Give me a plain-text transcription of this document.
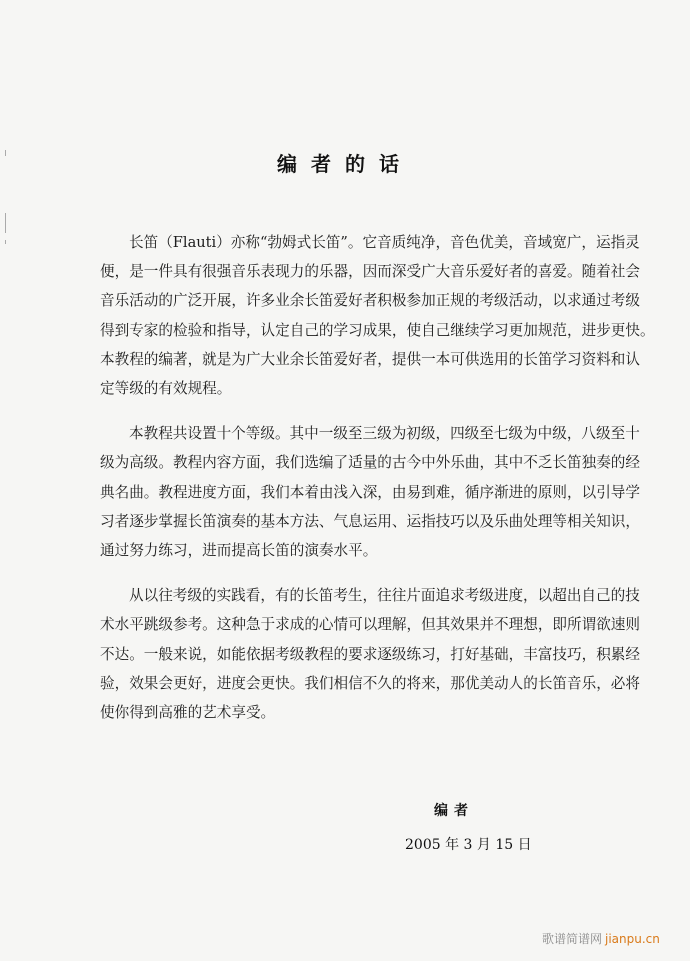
编者的话

长笛（Flauti）亦称“勃姆式长笛”。它音质纯净，音色优美，音域宽广，运指灵
便，是一件具有很强音乐表现力的乐器，因而深受广大音乐爱好者的喜爱。随着社会
音乐活动的广泛开展，许多业余长笛爱好者积极参加正规的考级活动，以求通过考级
得到专家的检验和指导，认定自己的学习成果，使自己继续学习更加规范，进步更快。
本教程的编著，就是为广大业余长笛爱好者，提供一本可供选用的长笛学习资料和认
定等级的有效规程。

本教程共设置十个等级。其中一级至三级为初级，四级至七级为中级，八级至十
级为高级。教程内容方面，我们选编了适量的古今中外乐曲，其中不乏长笛独奏的经
典名曲。教程进度方面，我们本着由浅入深，由易到难，循序渐进的原则，以引导学
习者逐步掌握长笛演奏的基本方法、气息运用、运指技巧以及乐曲处理等相关知识，
通过努力练习，进而提高长笛的演奏水平。

从以往考级的实践看，有的长笛考生，往往片面追求考级进度，以超出自己的技
术水平跳级参考。这种急于求成的心情可以理解，但其效果并不理想，即所谓欲速则
不达。一般来说，如能依据考级教程的要求逐级练习，打好基础，丰富技巧，积累经
验，效果会更好，进度会更快。我们相信不久的将来，那优美动人的长笛音乐，必将
使你得到高雅的艺术享受。

编者
2005 年 3 月 15 日
歌谱简谱网 jianpu.cn
